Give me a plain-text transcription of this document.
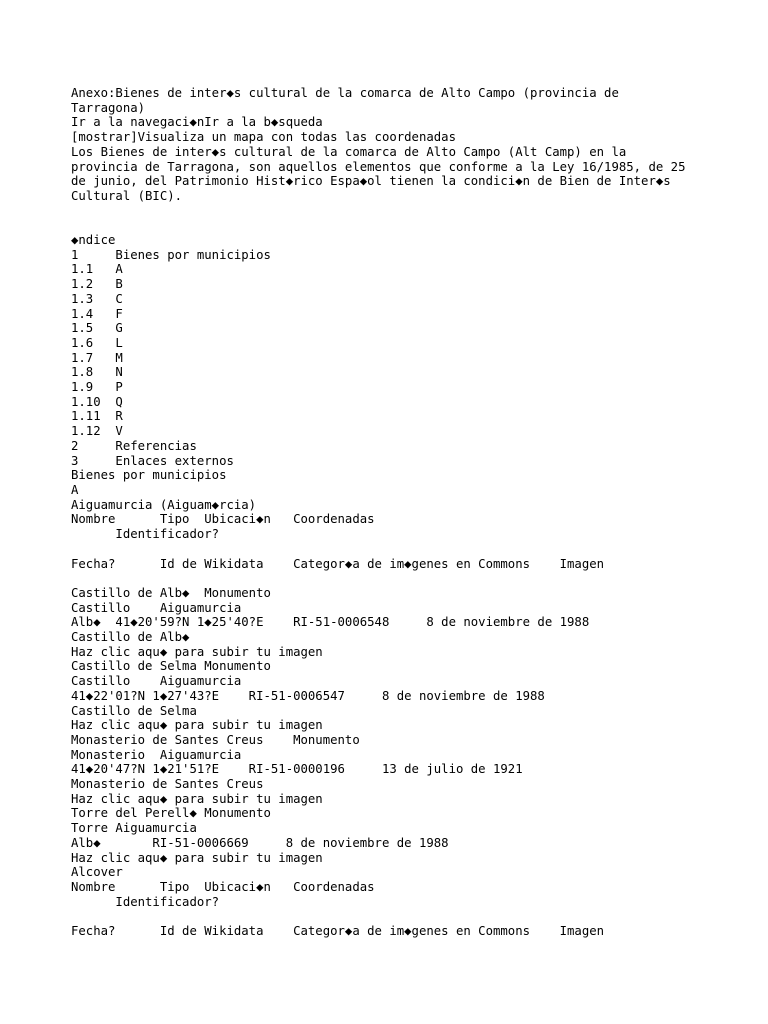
Anexo:Bienes de inter◆s cultural de la comarca de Alto Campo (provincia de
Tarragona)
Ir a la navegaci◆nIr a la b◆squeda
[mostrar]Visualiza un mapa con todas las coordenadas
Los Bienes de inter◆s cultural de la comarca de Alto Campo (Alt Camp) en la
provincia de Tarragona, son aquellos elementos que conforme a la Ley 16/1985, de 25
de junio, del Patrimonio Hist◆rico Espa◆ol tienen la condici◆n de Bien de Inter◆s
Cultural (BIC).

◆ndice
1     Bienes por municipios
1.1   A
1.2   B
1.3   C
1.4   F
1.5   G
1.6   L
1.7   M
1.8   N
1.9   P
1.10  Q
1.11  R
1.12  V
2     Referencias
3     Enlaces externos
Bienes por municipios
A
Aiguamurcia (Aiguam◆rcia)
Nombre      Tipo  Ubicaci◆n   Coordenadas
Identificador?

Fecha?      Id de Wikidata    Categor◆a de im◆genes en Commons    Imagen

Castillo de Alb◆  Monumento
Castillo    Aiguamurcia
Alb◆  41◆20'59?N 1◆25'40?E    RI-51-0006548     8 de noviembre de 1988
Castillo de Alb◆
Haz clic aqu◆ para subir tu imagen
Castillo de Selma Monumento
Castillo    Aiguamurcia
41◆22'01?N 1◆27'43?E    RI-51-0006547     8 de noviembre de 1988
Castillo de Selma
Haz clic aqu◆ para subir tu imagen
Monasterio de Santes Creus    Monumento
Monasterio  Aiguamurcia
41◆20'47?N 1◆21'51?E    RI-51-0000196     13 de julio de 1921
Monasterio de Santes Creus
Haz clic aqu◆ para subir tu imagen
Torre del Perell◆ Monumento
Torre Aiguamurcia
Alb◆       RI-51-0006669     8 de noviembre de 1988
Haz clic aqu◆ para subir tu imagen
Alcover
Nombre      Tipo  Ubicaci◆n   Coordenadas
Identificador?

Fecha?      Id de Wikidata    Categor◆a de im◆genes en Commons    Imagen
